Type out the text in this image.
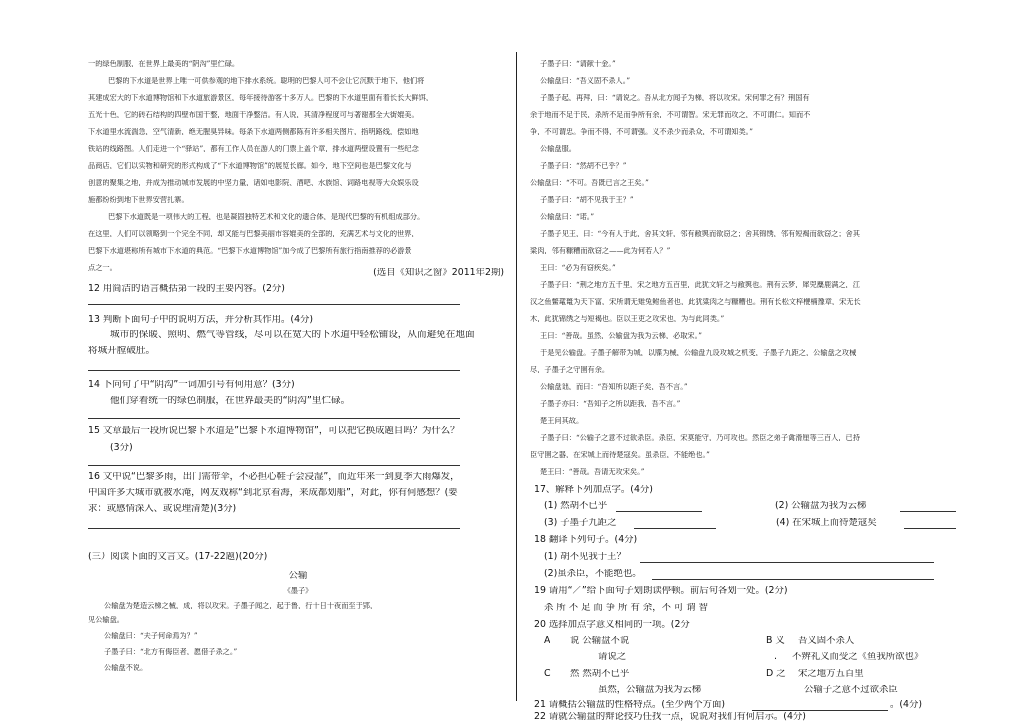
一的绿色制服，在世界上最美的“阴沟”里伫碌。
巴黎的下水道是世界上唯一可供参观的地下排水系统。聪明的巴黎人可不会让它沉默于地下，他们将
其建成宏大的下水道博物馆和下水道旅游景区，每年接待游客十多万人。巴黎的下水道里面有着长长大鲜饵，
五光十色，它的砖石结构的四壁布国干整，地面干净整洁。有人说，其清净程度可与著谢那全大街媲美。
下水道里水流湍急，空气清新，绝无腥臭异味。每条下水道两侧都陈有许多相关图片，指明路线，偿如地
铁站的线路图。人们走进一个“驿站”，都有工作人员在游人的门票上盖个章，排水道两壁设置有一些纪念
品商店，它们以实物和研究的形式构成了“下水道博物馆”的展览长廊。如今，地下空间也是巴黎文化与
创意的聚集之地，并成为推动城市发展的中坚力量，诸如电影院、酒吧、水族馆、词路电视等大众娱乐设
施都纷纷到地下世界安营扎寨。
巴黎下水道既是一项伟大的工程，也是凝固独特艺术和文化的遗合体，是现代巴黎的有机组成部分。
在这里，人们可以领略到一个完全不同，却又能与巴黎美丽市容媲美的全部的，充满艺术与文化的世界，
巴黎下水道堪称所有城市下水道的典范。“巴黎下水道博物馆”加今成了巴黎所有旅行指南推荐的必游景
点之一。	(选自《知识之窗》2011年2期)
12 用简洁的语言概括第一段的主要内容。(2分)
13 判断下面句子中的说明方法，并分析其作用。(4分)
城市的保暖、照明、燃气等管线，尽可以在宽大的下水道中轻松铺设，从而避免在地面
将城开膛破肚。
14 卜向句了中“阴沟”一词加引号有何用意？(3分)
他们穿着统一的绿色制服，在世界最美的“阴沟”里伫碌。
15 文章最后一段所说巴黎下水道是”巴黎下水道博物馆”，可以把它换成题目吗？为什么？
(3分)
16 文中说“巴黎多雨，出门需带伞，不必担心鞋子会浸湿”，而近年来一到夏季大雨爆发，
中国许多大城市就被水淹，网友戏称“到北京看海，来成都划船”，对此，你有何感想？(要
求：或感情深入、或说理清楚)(3分)
(三）阅读下面的文言文。(17-22题)(20分)
公输
《墨子》
公输盘为楚造云梯之械，成，将以攻宋。子墨子闻之，起于鲁，行十日十夜而至于郢，
见公输盘。
公输盘曰：“夫子何命焉为？”
子墨子曰：“北方有侮臣者，愿借子杀之。”
公输盘不说。
子墨子曰：“请献十金。”
公输盘曰：“吾义固不杀人。”
子墨子起，再拜，曰：“请说之。吾从北方闻子为梯，将以攻宋。宋何罪之有？荆国有
余于地而不足于民，杀所不足而争所有余，不可谓智。宋无罪而攻之，不可谓仁。知而不
争，不可谓忠。争而不得，不可谓强。义不杀少而杀众，不可谓知类。”
公输盘服。
子墨子曰：“然胡不已乎？”
公输盘曰：“不可。吾既已言之王矣。”
子墨子曰：“胡不见我于王？”
公输盘曰：“诺。”
子墨子见王，曰：“今有人于此，舍其文轩，邻有敝舆而欲窃之；舍其锦绣，邻有短褐而欲窃之；舍其
粱肉，邻有糠糟而欲窃之——此为何若人？”
王曰：“必为有窃疾矣。”
子墨子曰：“荆之地方五千里，宋之地方五百里，此犹文轩之与敝舆也。荆有云梦，犀兕麋鹿满之，江
汉之鱼鳖鼋鼍为天下富，宋所谓无雉兔鲋鱼者也，此犹粱肉之与糠糟也。荆有长松文梓楩楠豫章，宋无长
木，此犹锦绣之与短褐也。臣以王吏之攻宋也，为与此同类。”
王曰：“善哉。虽然，公输盘为我为云梯，必取宋。”
于是见公输盘。子墨子解带为城，以牒为械，公输盘九设攻城之机变，子墨子九距之，公输盘之攻械
尽，子墨子之守圉有余。
公输盘诎，而曰：“吾知所以距子矣，吾不言。”
子墨子亦曰：“吾知子之所以距我，吾不言。”
楚王问其故。
子墨子曰：“公输子之意不过欲杀臣。杀臣，宋莫能守，乃可攻也。然臣之弟子禽滑厘等三百人，已持
臣守圉之器，在宋城上而待楚寇矣。虽杀臣，不能绝也。”
楚王曰：“善哉。吾请无攻宋矣。”
17、解释下列加点字。(4分)
(1) 然胡不已乎	(2) 公输盘为我为云梯
(3) 子墨子九距之	(4) 在宋城上而待楚寇矣
18 翻译下列句子。(4分)
(1) 胡不见我于王？
(2)虽杀臣，不能绝也。
19 请用“／”给下面句子划朗读停顿。前后句各划一处。(2分)
杀 所 不 足 而 争 所 有 余，不 可 谓 智
20 选择加点字意义相同的一项。(2分
A 说 公输盘不说
请说之
B 义 吾义固不杀人
. 不辨礼义而受之《鱼我所欲也》
C 然 然胡不已乎
虽然，公输盘为我为云梯
D 之 宋之地方五百里
公输子之意不过欲杀臣
21 请概括公输盘的性格特点。(至少两个方面)	。(4分)
22 请就公输盘的辩论技巧任找一点，说说对我们有何启示。(4分)
